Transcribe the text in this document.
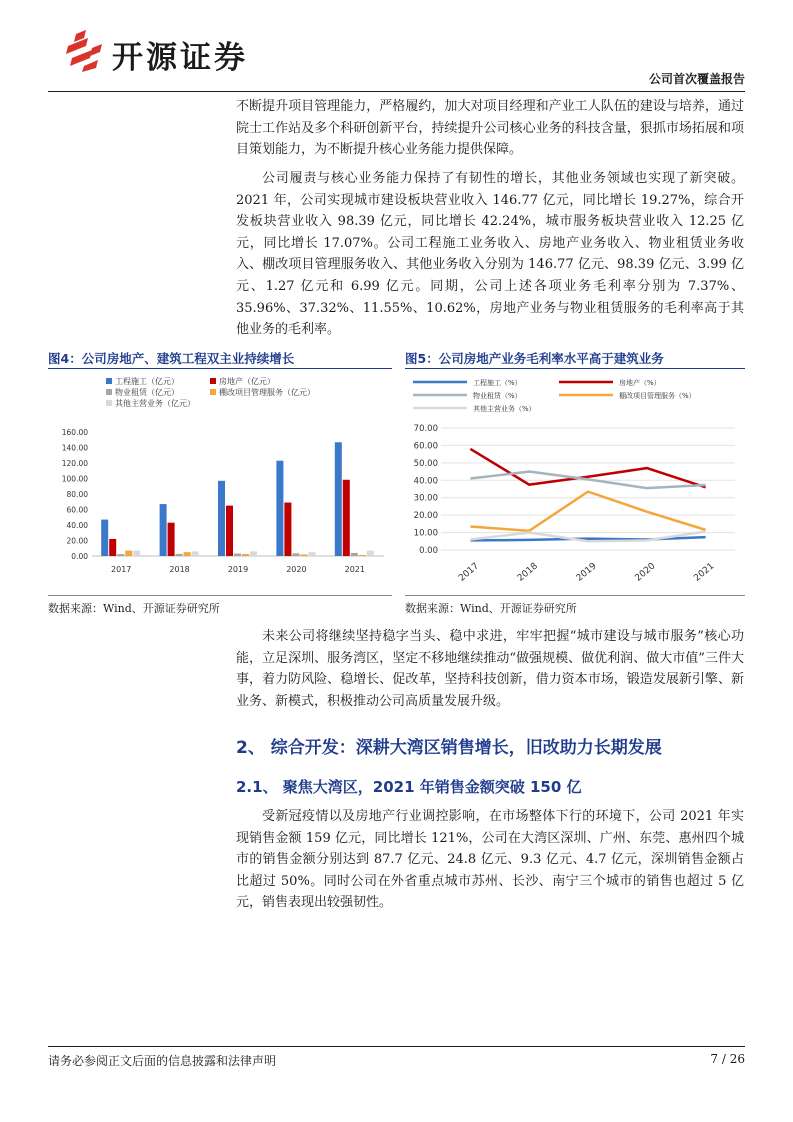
开源证券
公司首次覆盖报告

不断提升项目管理能力，严格履约，加大对项目经理和产业工人队伍的建设与培养，通过院士工作站及多个科研创新平台，持续提升公司核心业务的科技含量，狠抓市场拓展和项目策划能力，为不断提升核心业务能力提供保障。

公司履责与核心业务能力保持了有韧性的增长，其他业务领域也实现了新突破。2021 年，公司实现城市建设板块营业收入 146.77 亿元，同比增长 19.27%，综合开发板块营业收入 98.39 亿元，同比增长 42.24%，城市服务板块营业收入 12.25 亿元，同比增长 17.07%。公司工程施工业务收入、房地产业务收入、物业租赁业务收入、棚改项目管理服务收入、其他业务收入分别为 146.77 亿元、98.39 亿元、3.99 亿元、1.27 亿元和 6.99 亿元。同期，公司上述各项业务毛利率分别为 7.37%、35.96%、37.32%、11.55%、10.62%，房地产业务与物业租赁服务的毛利率高于其他业务的毛利率。

图4：公司房地产、建筑工程双主业持续增长
工程施工（亿元）	房地产（亿元）
物业租赁（亿元）	棚改项目管理服务（亿元）
其他主营业务（亿元）
0.00
20.00
40.00
60.00
80.00
100.00
120.00
140.00
160.00
2017	2018	2019	2020	2021
数据来源：Wind、开源证券研究所
图5：公司房地产业务毛利率水平高于建筑业务
工程施工（%）	房地产（%）
物业租赁（%）	棚改项目管理服务（%）
其他主营业务（%）
0.00
10.00
20.00
30.00
40.00
50.00
60.00
70.00
2017	2018	2019	2020	2021
数据来源：Wind、开源证券研究所

未来公司将继续坚持稳字当头、稳中求进，牢牢把握“城市建设与城市服务”核心功能，立足深圳、服务湾区，坚定不移地继续推动“做强规模、做优利润、做大市值”三件大事，着力防风险、稳增长、促改革，坚持科技创新，借力资本市场，锻造发展新引擎、新业务、新模式，积极推动公司高质量发展升级。

2、 综合开发：深耕大湾区销售增长，旧改助力长期发展
2.1、 聚焦大湾区，2021 年销售金额突破 150 亿

受新冠疫情以及房地产行业调控影响，在市场整体下行的环境下，公司 2021 年实现销售金额 159 亿元，同比增长 121%，公司在大湾区深圳、广州、东莞、惠州四个城市的销售金额分别达到 87.7 亿元、24.8 亿元、9.3 亿元、4.7 亿元，深圳销售金额占比超过 50%。同时公司在外省重点城市苏州、长沙、南宁三个城市的销售也超过 5 亿元，销售表现出较强韧性。

请务必参阅正文后面的信息披露和法律声明	7 / 26
